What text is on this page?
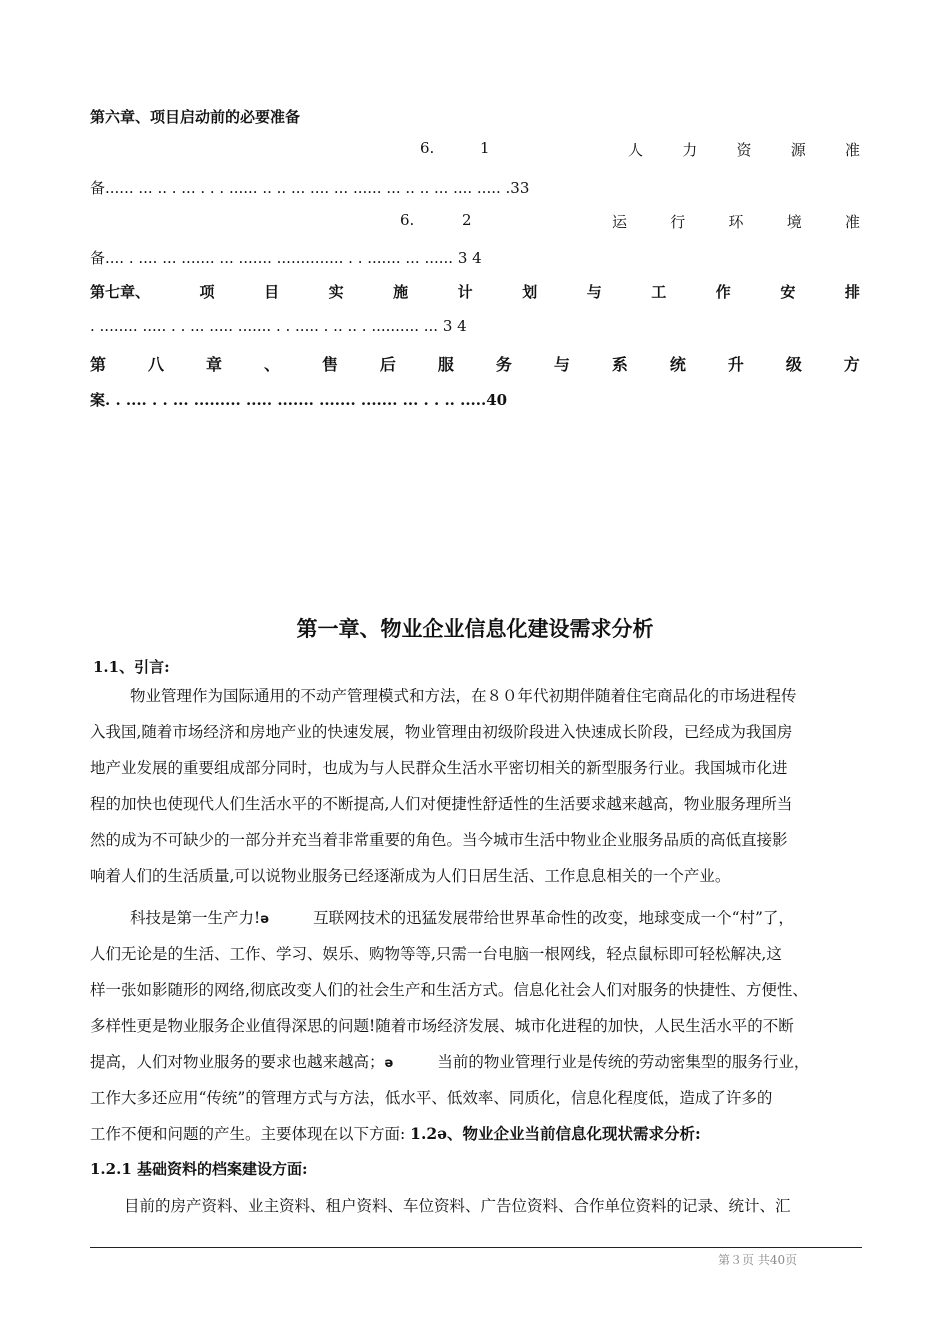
第六章、项目启动前的必要准备
6.	1	人	力	资	源	准
备...... ... .. . ... . . . ...... .. .. ... .... ... ...... ... .. .. ... .... ..... .33
6.	2	运	行	环	境	准
备.... . .... ... ....... ... ....... .............. . . ....... ... ...... 3 4
第七章、	项	目	实	施	计	划	与	工	作	安	排
. ........ ..... . . ... ..... ....... . . ..... . .. .. . .......... ... 3 4
第	八	章	、	售	后	服	务	与	系	统	升	级	方
案. . .... . . ... ......... ..... ....... ....... ....... ... . . .. .....40
第一章、物业企业信息化建设需求分析
1.1、引言:
物业管理作为国际通用的不动产管理模式和方法，在８０年代初期伴随着住宅商品化的市场进程传
入我国,随着市场经济和房地产业的快速发展，物业管理由初级阶段进入快速成长阶段，已经成为我国房
地产业发展的重要组成部分同时，也成为与人民群众生活水平密切相关的新型服务行业。我国城市化进
程的加快也使现代人们生活水平的不断提高,人们对便捷性舒适性的生活要求越来越高，物业服务理所当
然的成为不可缺少的一部分并充当着非常重要的角色。当今城市生活中物业企业服务品质的高低直接影
响着人们的生活质量,可以说物业服务已经逐渐成为人们日居生活、工作息息相关的一个产业。
科技是第一生产力!ә	互联网技术的迅猛发展带给世界革命性的改变，地球变成一个“村”了，
人们无论是的生活、工作、学习、娱乐、购物等等,只需一台电脑一根网线，轻点鼠标即可轻松解决,这
样一张如影随形的网络,彻底改变人们的社会生产和生活方式。信息化社会人们对服务的快捷性、方便性、
多样性更是物业服务企业值得深思的问题!随着市场经济发展、城市化进程的加快，人民生活水平的不断
提高，人们对物业服务的要求也越来越高；ә	当前的物业管理行业是传统的劳动密集型的服务行业，
工作大多还应用“传统”的管理方式与方法，低水平、低效率、同质化，信息化程度低，造成了许多的
工作不便和问题的产生。主要体现在以下方面: 1.2ә、物业企业当前信息化现状需求分析:
1.2.1 基础资料的档案建设方面:
目前的房产资料、业主资料、租户资料、车位资料、广告位资料、合作单位资料的记录、统计、汇
第３页 共40页
